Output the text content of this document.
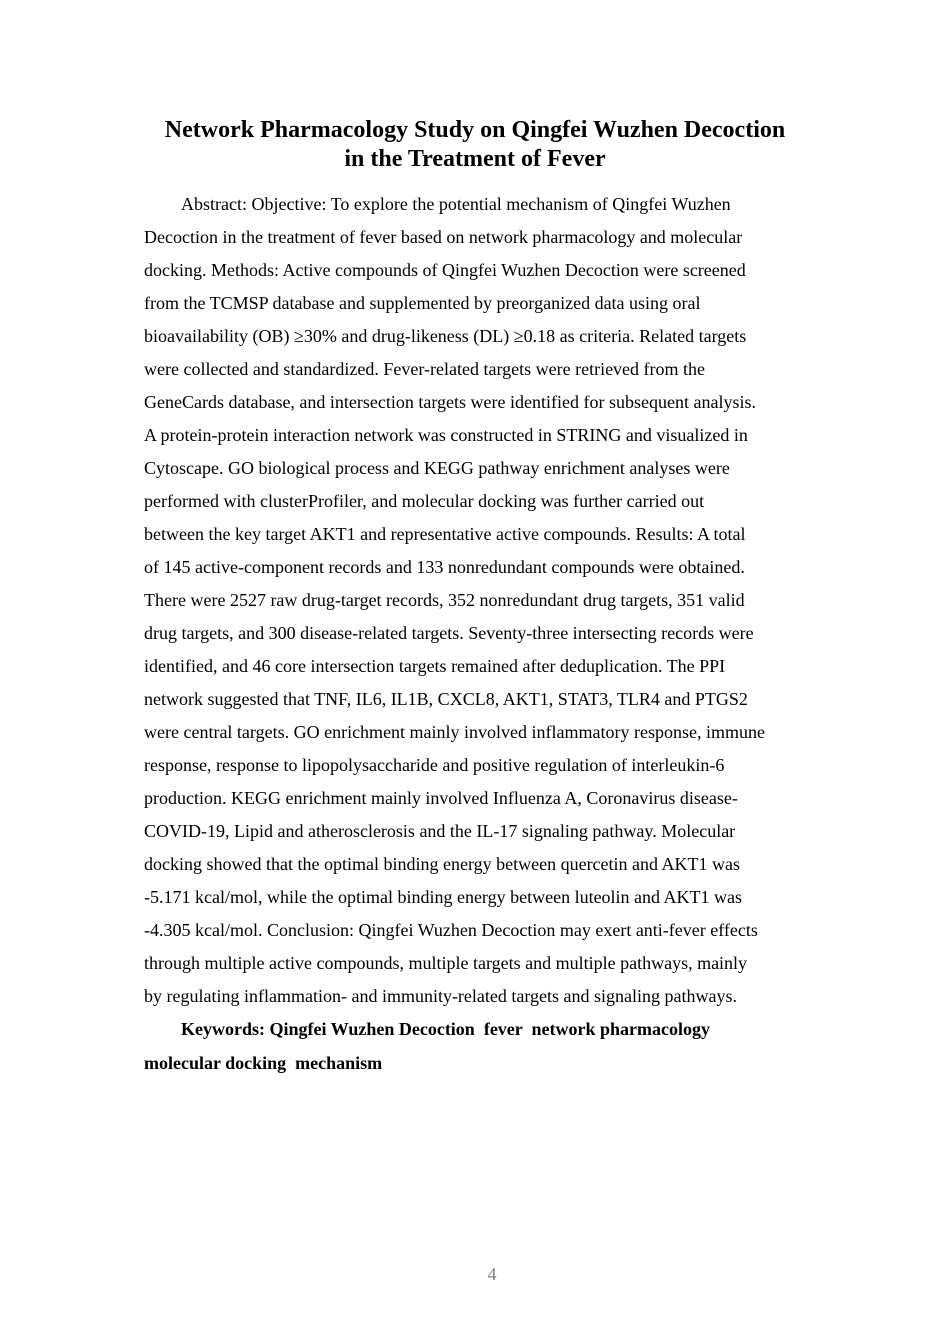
Network Pharmacology Study on Qingfei Wuzhen Decoction
in the Treatment of Fever

Abstract: Objective: To explore the potential mechanism of Qingfei Wuzhen
Decoction in the treatment of fever based on network pharmacology and molecular
docking. Methods: Active compounds of Qingfei Wuzhen Decoction were screened
from the TCMSP database and supplemented by preorganized data using oral
bioavailability (OB) ≥30% and drug-likeness (DL) ≥0.18 as criteria. Related targets
were collected and standardized. Fever-related targets were retrieved from the
GeneCards database, and intersection targets were identified for subsequent analysis.
A protein-protein interaction network was constructed in STRING and visualized in
Cytoscape. GO biological process and KEGG pathway enrichment analyses were
performed with clusterProfiler, and molecular docking was further carried out
between the key target AKT1 and representative active compounds. Results: A total
of 145 active-component records and 133 nonredundant compounds were obtained.
There were 2527 raw drug-target records, 352 nonredundant drug targets, 351 valid
drug targets, and 300 disease-related targets. Seventy-three intersecting records were
identified, and 46 core intersection targets remained after deduplication. The PPI
network suggested that TNF, IL6, IL1B, CXCL8, AKT1, STAT3, TLR4 and PTGS2
were central targets. GO enrichment mainly involved inflammatory response, immune
response, response to lipopolysaccharide and positive regulation of interleukin-6
production. KEGG enrichment mainly involved Influenza A, Coronavirus disease-
COVID-19, Lipid and atherosclerosis and the IL-17 signaling pathway. Molecular
docking showed that the optimal binding energy between quercetin and AKT1 was
-5.171 kcal/mol, while the optimal binding energy between luteolin and AKT1 was
-4.305 kcal/mol. Conclusion: Qingfei Wuzhen Decoction may exert anti-fever effects
through multiple active compounds, multiple targets and multiple pathways, mainly
by regulating inflammation- and immunity-related targets and signaling pathways.

Keywords: Qingfei Wuzhen Decoction  fever  network pharmacology
molecular docking  mechanism

4
